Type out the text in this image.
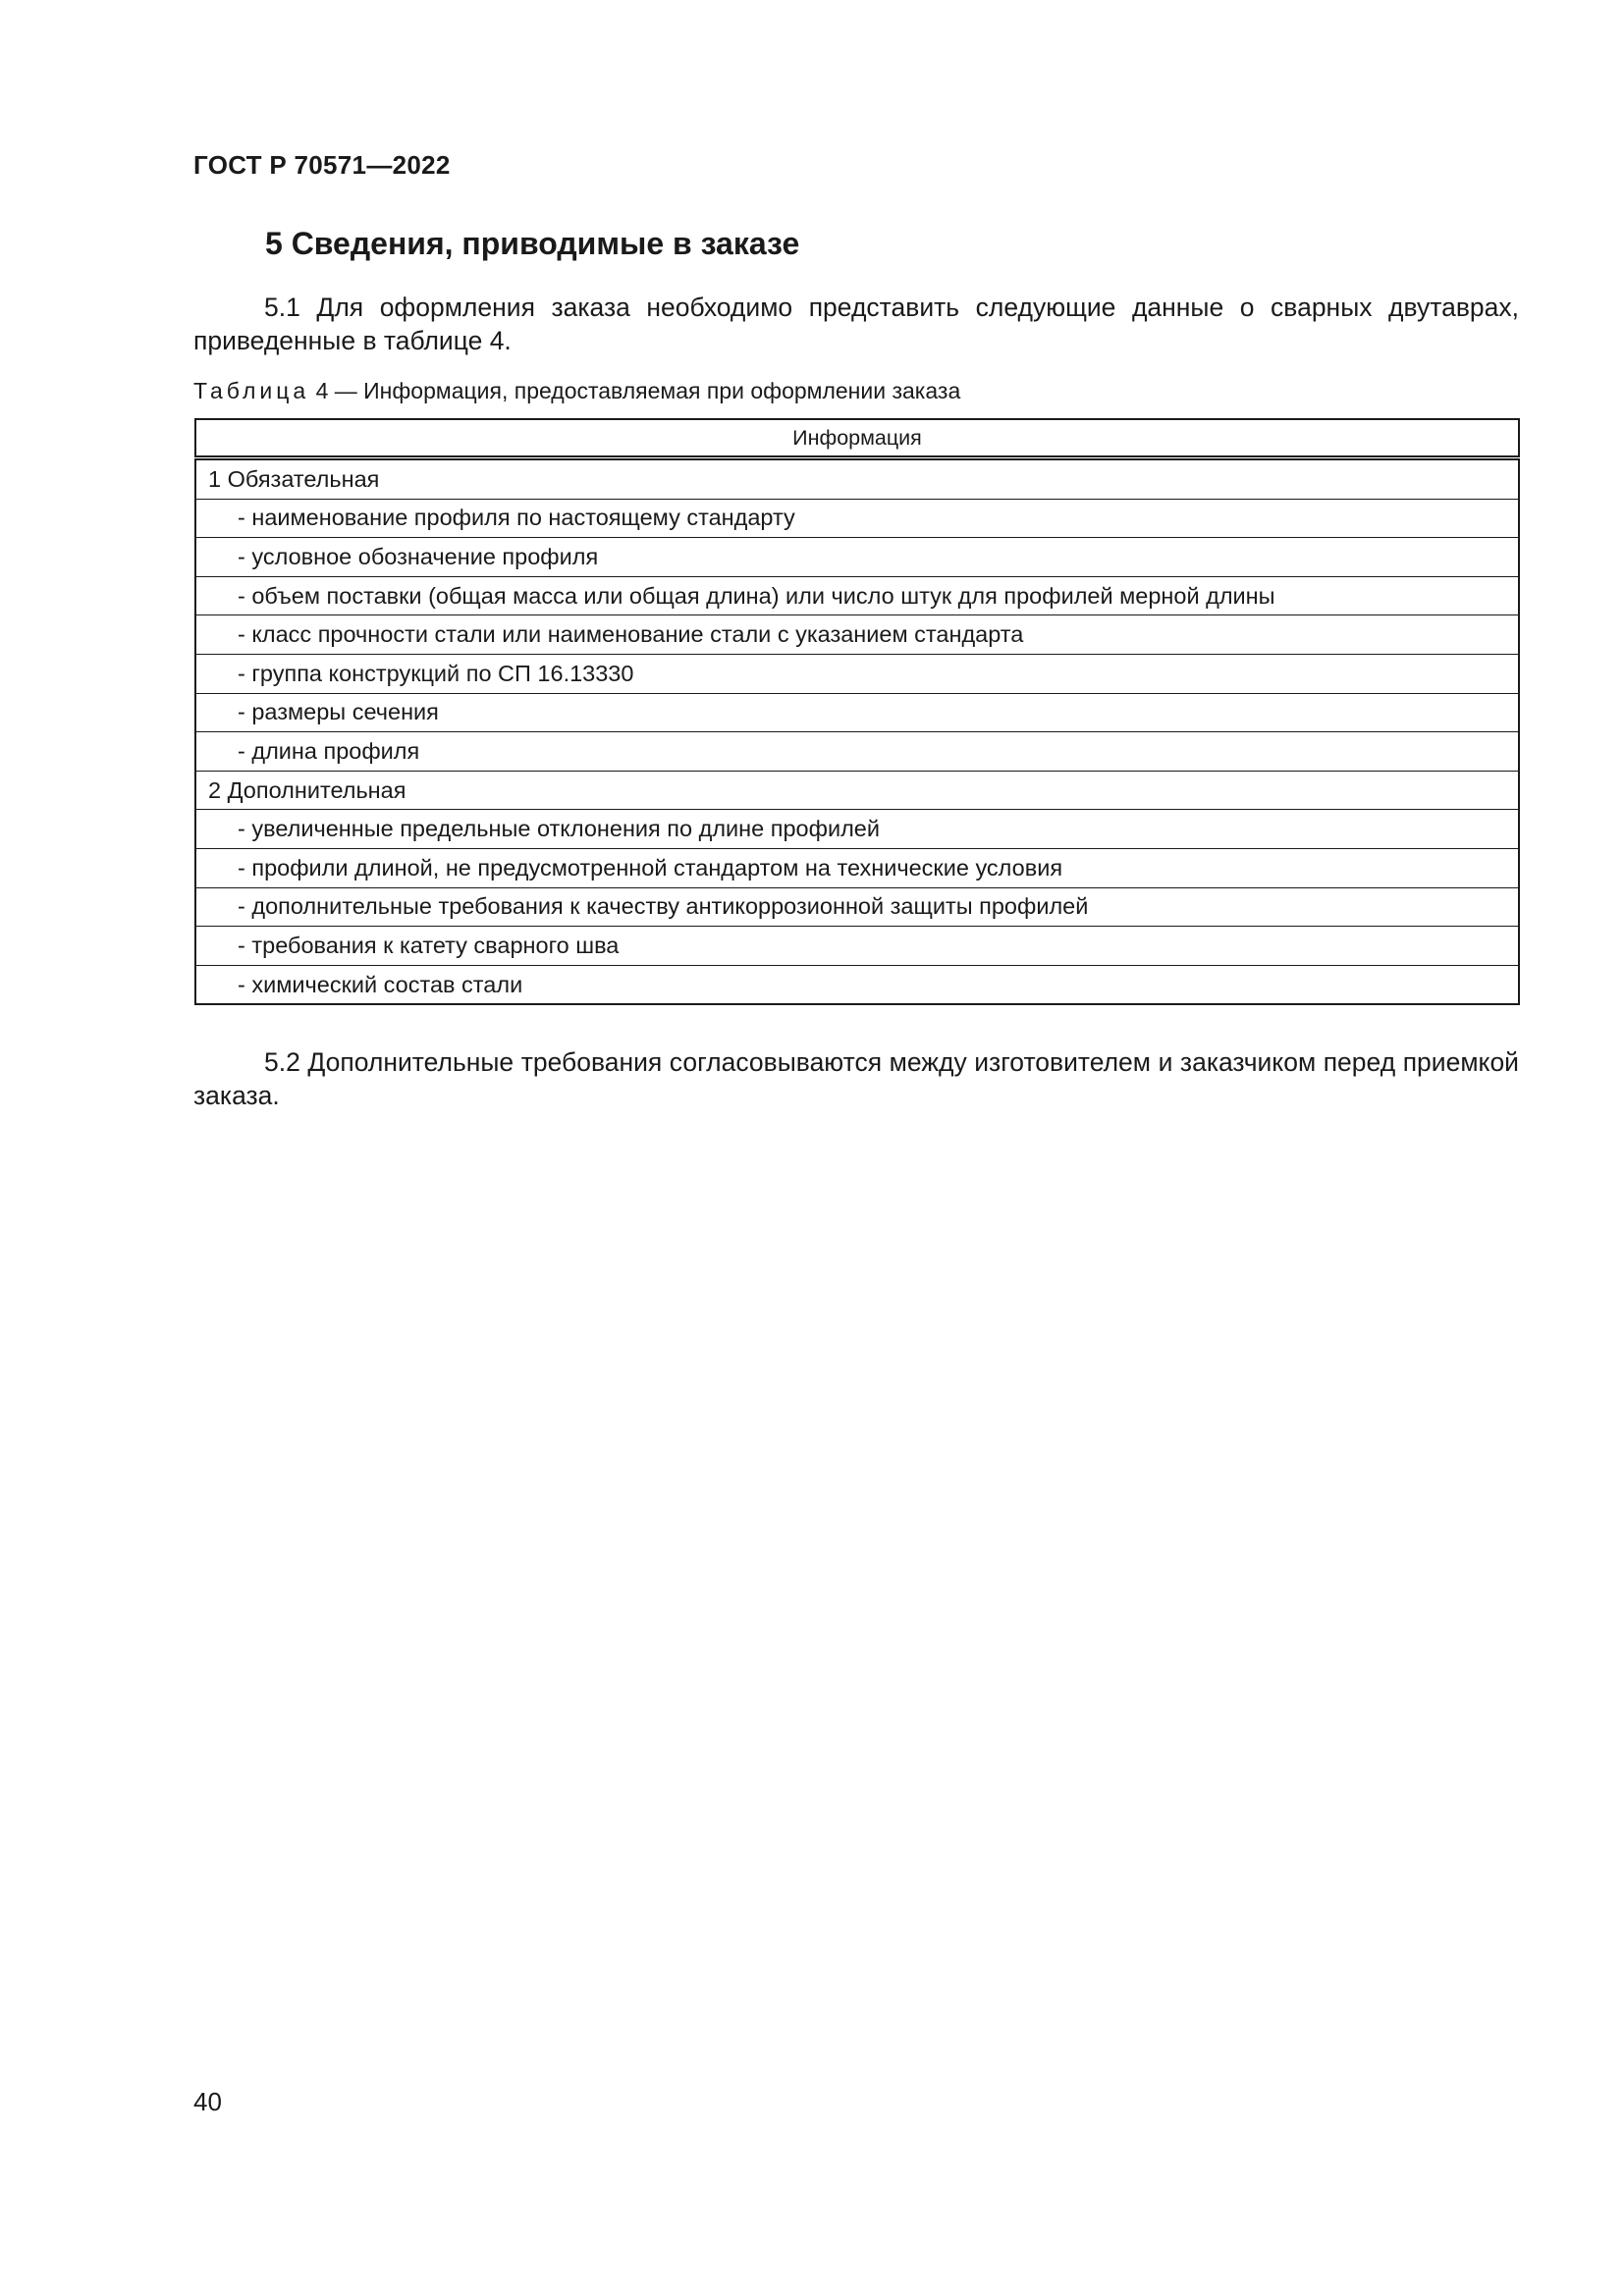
ГОСТ Р 70571—2022
5 Сведения, приводимые в заказе
5.1 Для оформления заказа необходимо представить следующие данные о сварных двутаврах, приведенные в таблице 4.
Таблица 4 — Информация, предоставляемая при оформлении заказа
Информация
1 Обязательная
- наименование профиля по настоящему стандарту
- условное обозначение профиля
- объем поставки (общая масса или общая длина) или число штук для профилей мерной длины
- класс прочности стали или наименование стали с указанием стандарта
- группа конструкций по СП 16.13330
- размеры сечения
- длина профиля
2 Дополнительная
- увеличенные предельные отклонения по длине профилей
- профили длиной, не предусмотренной стандартом на технические условия
- дополнительные требования к качеству антикоррозионной защиты профилей
- требования к катету сварного шва
- химический состав стали
5.2 Дополнительные требования согласовываются между изготовителем и заказчиком перед приемкой заказа.
40
